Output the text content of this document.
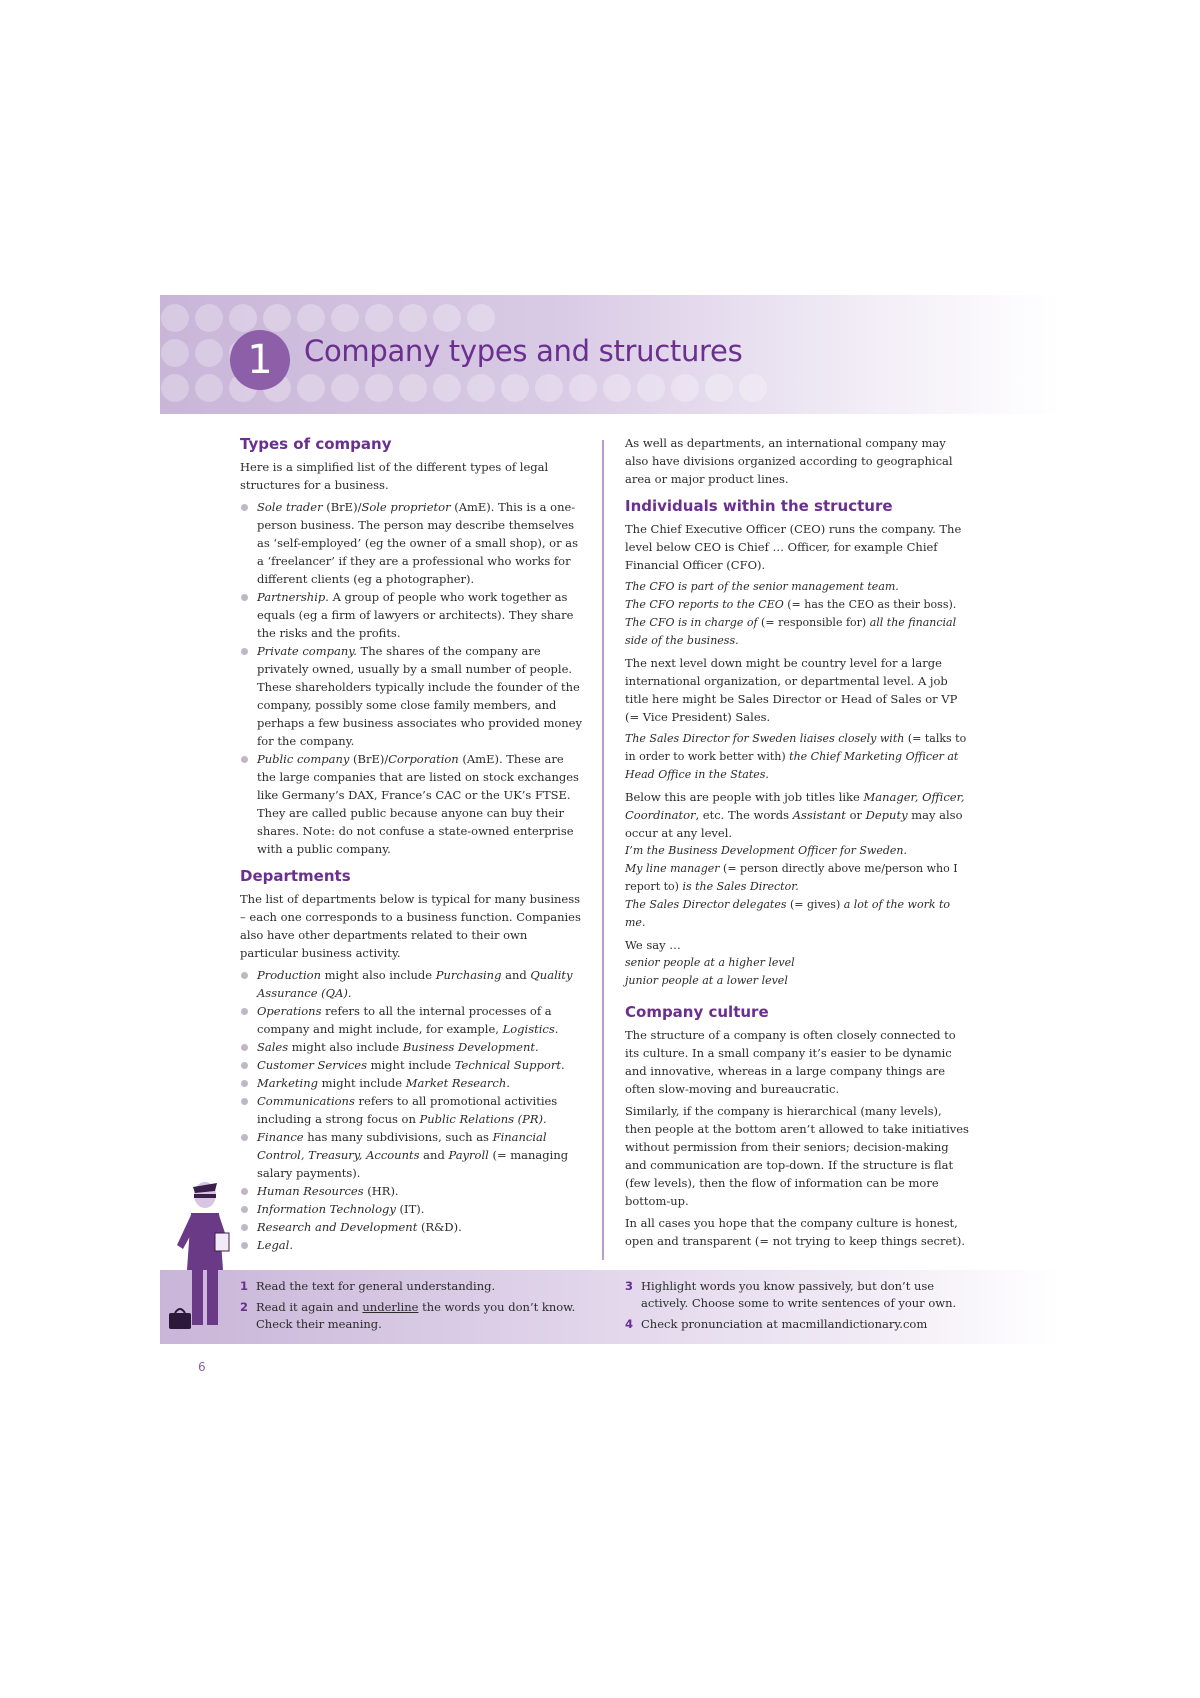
1	Company types and structures
Types of company

Here is a simplified list of the different types of legal structures for a business.

Sole trader (BrE)/Sole proprietor (AmE). This is a one-person business. The person may describe themselves as ‘self-employed’ (eg the owner of a small shop), or as a ‘freelancer’ if they are a professional who works for different clients (eg a photographer).
Partnership. A group of people who work together as equals (eg a firm of lawyers or architects). They share the risks and the profits.
Private company. The shares of the company are privately owned, usually by a small number of people. These shareholders typically include the founder of the company, possibly some close family members, and perhaps a few business associates who provided money for the company.
Public company (BrE)/Corporation (AmE). These are the large companies that are listed on stock exchanges like Germany’s DAX, France’s CAC or the UK’s FTSE. They are called public because anyone can buy their shares. Note: do not confuse a state-owned enterprise with a public company.
Departments

The list of departments below is typical for many business – each one corresponds to a business function. Companies also have other departments related to their own particular business activity.

Production might also include Purchasing and Quality Assurance (QA).
Operations refers to all the internal processes of a company and might include, for example, Logistics.
Sales might also include Business Development.
Customer Services might include Technical Support.
Marketing might include Market Research.
Communications refers to all promotional activities including a strong focus on Public Relations (PR).
Finance has many subdivisions, such as Financial Control, Treasury, Accounts and Payroll (= managing salary payments).
Human Resources (HR).
Information Technology (IT).
Research and Development (R&D).
Legal.

As well as departments, an international company may also have divisions organized according to geographical area or major product lines.

Individuals within the structure

The Chief Executive Officer (CEO) runs the company. The level below CEO is Chief … Officer, for example Chief Financial Officer (CFO).

The CFO is part of the senior management team.

The CFO reports to the CEO (= has the CEO as their boss).

The CFO is in charge of (= responsible for) all the financial side of the business.

The next level down might be country level for a large international organization, or departmental level. A job title here might be Sales Director or Head of Sales or VP (= Vice President) Sales.

The Sales Director for Sweden liaises closely with (= talks to in order to work better with) the Chief Marketing Officer at Head Office in the States.

Below this are people with job titles like Manager, Officer, Coordinator, etc. The words Assistant or Deputy may also occur at any level.

I’m the Business Development Officer for Sweden.

My line manager (= person directly above me/person who I report to) is the Sales Director.

The Sales Director delegates (= gives) a lot of the work to me.

We say …

senior people at a higher level

junior people at a lower level

Company culture

The structure of a company is often closely connected to its culture. In a small company it’s easier to be dynamic and innovative, whereas in a large company things are often slow-moving and bureaucratic.

Similarly, if the company is hierarchical (many levels), then people at the bottom aren’t allowed to take initiatives without permission from their seniors; decision-making and communication are top-down. If the structure is flat (few levels), then the flow of information can be more bottom-up.

In all cases you hope that the company culture is honest, open and transparent (= not trying to keep things secret).

1 Read the text for general understanding.
2 Read it again and underline the words you don’t know. Check their meaning.
3 Highlight words you know passively, but don’t use actively. Choose some to write sentences of your own.
4 Check pronunciation at macmillandictionary.com
6
